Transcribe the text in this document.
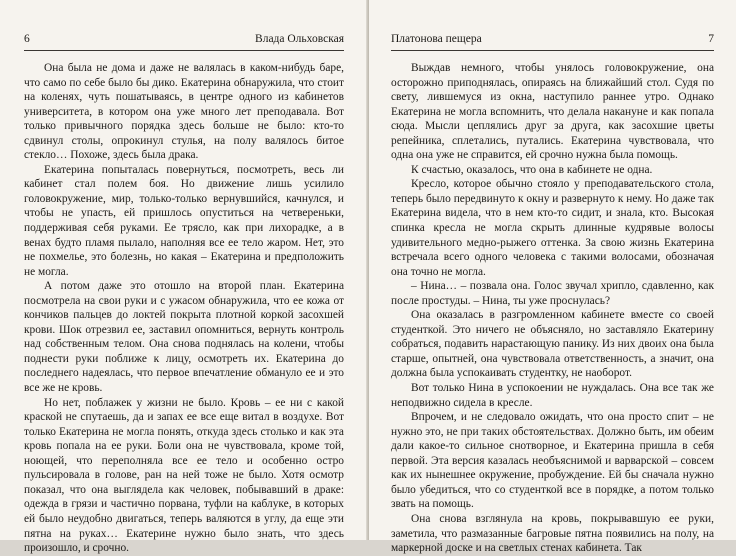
6	Влада Ольховская

Она была не дома и даже не валялась в каком-нибудь баре, что само по себе было бы дико. Екатерина обнаружила, что стоит на коленях, чуть пошатываясь, в центре одного из кабинетов университета, в котором она уже много лет преподавала. Вот только привычного порядка здесь больше не было: кто-то сдвинул столы, опрокинул стулья, на полу валялось битое стекло… Похоже, здесь была драка.

Екатерина попыталась повернуться, посмотреть, весь ли кабинет стал полем боя. Но движение лишь усилило головокружение, мир, только-только вернувшийся, качнулся, и чтобы не упасть, ей пришлось опуститься на четвереньки, поддерживая себя руками. Ее трясло, как при лихорадке, а в венах будто пламя пылало, наполняя все ее тело жаром. Нет, это не похмелье, это болезнь, но какая – Екатерина и предположить не могла.

А потом даже это отошло на второй план. Екатерина посмотрела на свои руки и с ужасом обнаружила, что ее кожа от кончиков пальцев до локтей покрыта плотной коркой засохшей крови. Шок отрезвил ее, заставил опомниться, вернуть контроль над собственным телом. Она снова поднялась на колени, чтобы поднести руки поближе к лицу, осмотреть их. Екатерина до последнего надеялась, что первое впечатление обмануло ее и это все же не кровь.

Но нет, поблажек у жизни не было. Кровь – ее ни с какой краской не спутаешь, да и запах ее все еще витал в воздухе. Вот только Екатерина не могла понять, откуда здесь столько и как эта кровь попала на ее руки. Боли она не чувствовала, кроме той, ноющей, что переполняла все ее тело и особенно остро пульсировала в голове, ран на ней тоже не было. Хотя осмотр показал, что она выглядела как человек, побывавший в драке: одежда в грязи и частично порвана, туфли на каблуке, в которых ей было неудобно двигаться, теперь валяются в углу, да еще эти пятна на руках… Екатерине нужно было знать, что здесь произошло, и срочно.

Платонова пещера	7

Выждав немного, чтобы унялось головокружение, она осторожно приподнялась, опираясь на ближайший стол. Судя по свету, лившемуся из окна, наступило раннее утро. Однако Екатерина не могла вспомнить, что делала накануне и как попала сюда. Мысли цеплялись друг за друга, как засохшие цветы репейника, сплетались, путались. Екатерина чувствовала, что одна она уже не справится, ей срочно нужна была помощь.

К счастью, оказалось, что она в кабинете не одна.

Кресло, которое обычно стояло у преподавательского стола, теперь было передвинуто к окну и развернуто к нему. Но даже так Екатерина видела, что в нем кто-то сидит, и знала, кто. Высокая спинка кресла не могла скрыть длинные кудрявые волосы удивительного медно-рыжего оттенка. За свою жизнь Екатерина встречала всего одного человека с такими волосами, обозначая она точно не могла.

– Нина… – позвала она. Голос звучал хрипло, сдавленно, как после простуды. – Нина, ты уже проснулась?

Она оказалась в разгромленном кабинете вместе со своей студенткой. Это ничего не объясняло, но заставляло Екатерину собраться, подавить нарастающую панику. Из них двоих она была старше, опытней, она чувствовала ответственность, а значит, она должна была успокаивать студентку, не наоборот.

Вот только Нина в успокоении не нуждалась. Она все так же неподвижно сидела в кресле.

Впрочем, и не следовало ожидать, что она просто спит – не нужно это, не при таких обстоятельствах. Должно быть, им обеим дали какое-то сильное снотворное, и Екатерина пришла в себя первой. Эта версия казалась необъяснимой и варварской – совсем как их нынешнее окружение, пробуждение. Ей бы сначала нужно было убедиться, что со студенткой все в порядке, а потом только звать на помощь.

Она снова взглянула на кровь, покрывавшую ее руки, заметила, что размазанные багровые пятна появились на полу, на маркерной доске и на светлых стенах кабинета. Так
